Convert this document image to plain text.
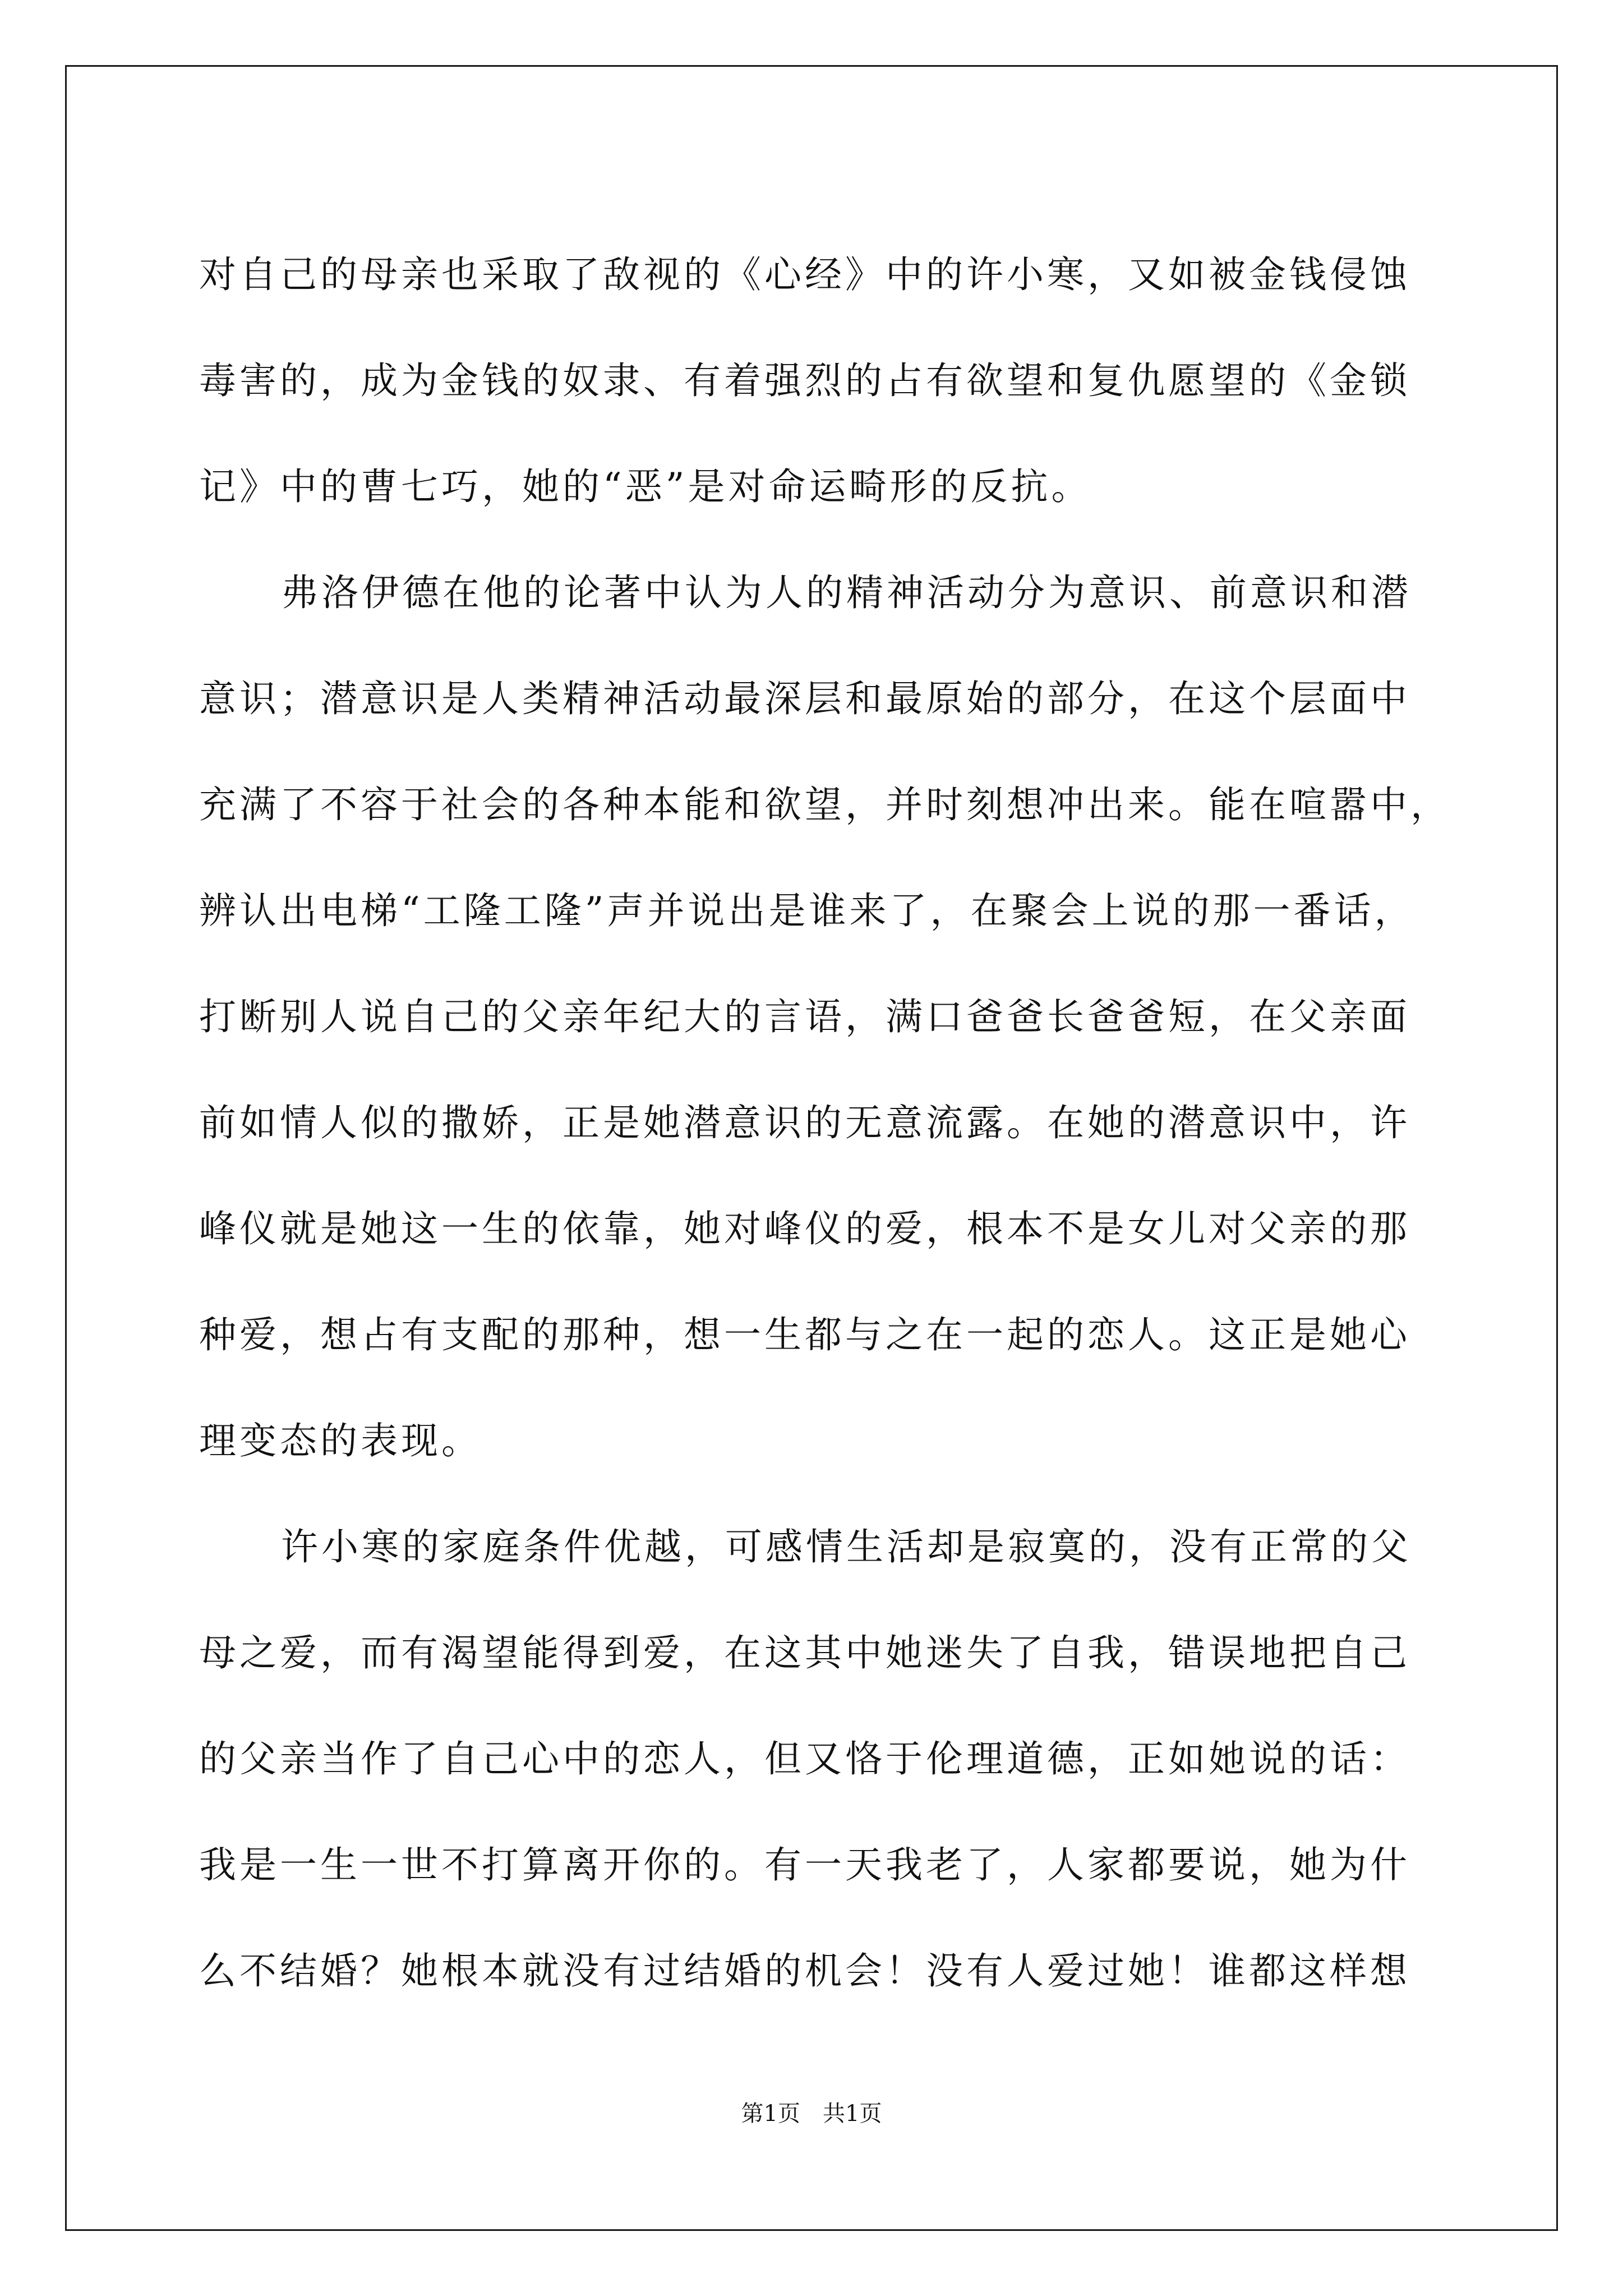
对自己的母亲也采取了敌视的《心经》中的许小寒，又如被金钱侵蚀
毒害的，成为金钱的奴隶、有着强烈的占有欲望和复仇愿望的《金锁
记》中的曹七巧，她的“恶”是对命运畸形的反抗。
弗洛伊德在他的论著中认为人的精神活动分为意识、前意识和潜
意识；潜意识是人类精神活动最深层和最原始的部分，在这个层面中
充满了不容于社会的各种本能和欲望，并时刻想冲出来。能在喧嚣中，
辨认出电梯“工隆工隆”声并说出是谁来了，在聚会上说的那一番话，
打断别人说自己的父亲年纪大的言语，满口爸爸长爸爸短，在父亲面
前如情人似的撒娇，正是她潜意识的无意流露。在她的潜意识中，许
峰仪就是她这一生的依靠，她对峰仪的爱，根本不是女儿对父亲的那
种爱，想占有支配的那种，想一生都与之在一起的恋人。这正是她心
理变态的表现。
许小寒的家庭条件优越，可感情生活却是寂寞的，没有正常的父
母之爱，而有渴望能得到爱，在这其中她迷失了自我，错误地把自己
的父亲当作了自己心中的恋人，但又恪于伦理道德，正如她说的话：
我是一生一世不打算离开你的。有一天我老了，人家都要说，她为什
么不结婚？她根本就没有过结婚的机会！没有人爱过她！谁都这样想
第1页　共1页
